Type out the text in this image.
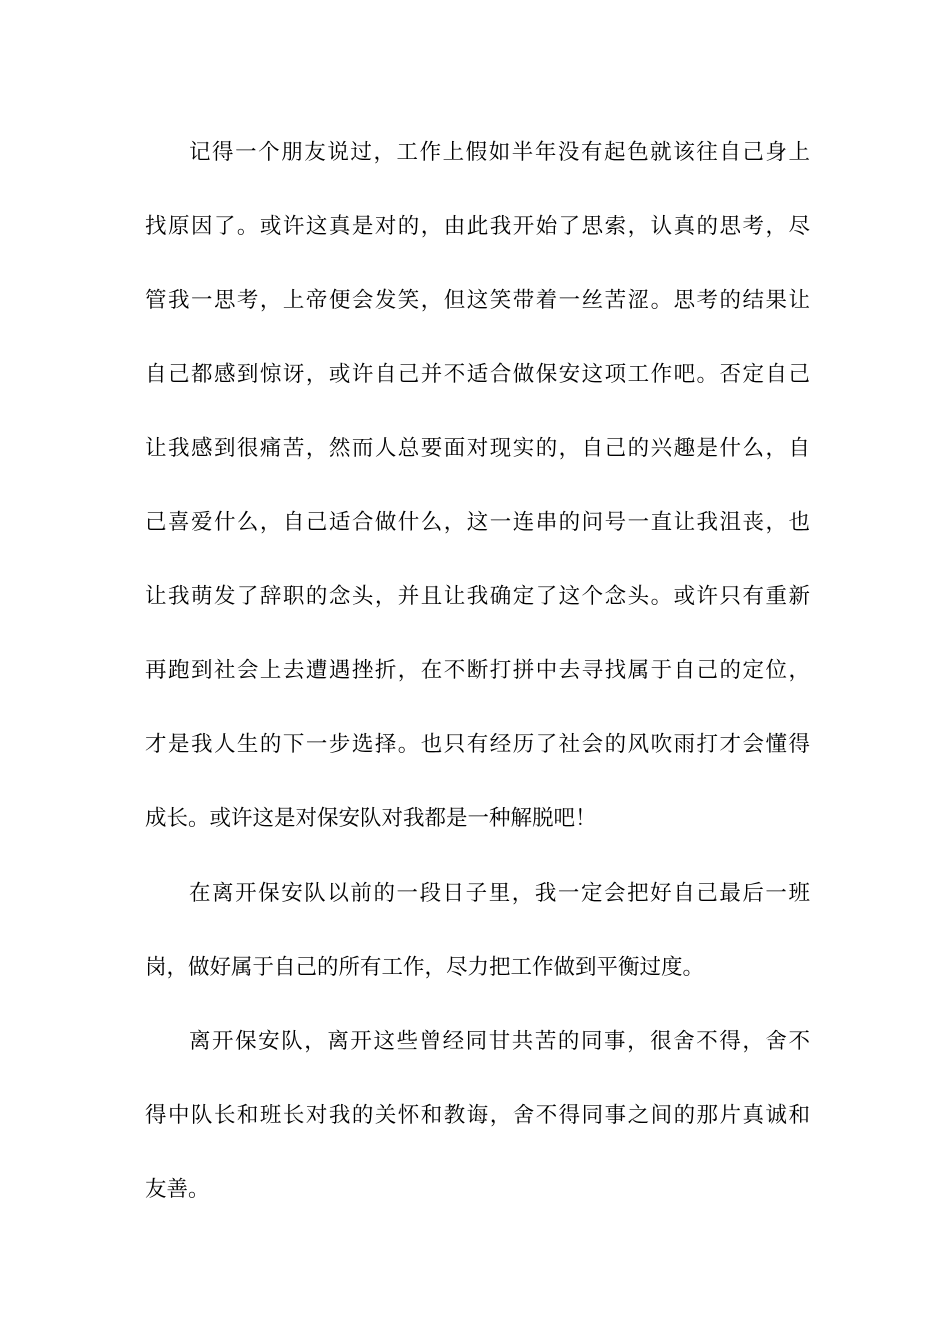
记得一个朋友说过，工作上假如半年没有起色就该往自己身上
找原因了。或许这真是对的，由此我开始了思索，认真的思考，尽
管我一思考，上帝便会发笑，但这笑带着一丝苦涩。思考的结果让
自己都感到惊讶，或许自己并不适合做保安这项工作吧。否定自己
让我感到很痛苦，然而人总要面对现实的，自己的兴趣是什么，自
己喜爱什么，自己适合做什么，这一连串的问号一直让我沮丧，也
让我萌发了辞职的念头，并且让我确定了这个念头。或许只有重新
再跑到社会上去遭遇挫折，在不断打拼中去寻找属于自己的定位，
才是我人生的下一步选择。也只有经历了社会的风吹雨打才会懂得
成长。或许这是对保安队对我都是一种解脱吧！
在离开保安队以前的一段日子里，我一定会把好自己最后一班
岗，做好属于自己的所有工作，尽力把工作做到平衡过度。
离开保安队，离开这些曾经同甘共苦的同事，很舍不得，舍不
得中队长和班长对我的关怀和教诲，舍不得同事之间的那片真诚和
友善。
